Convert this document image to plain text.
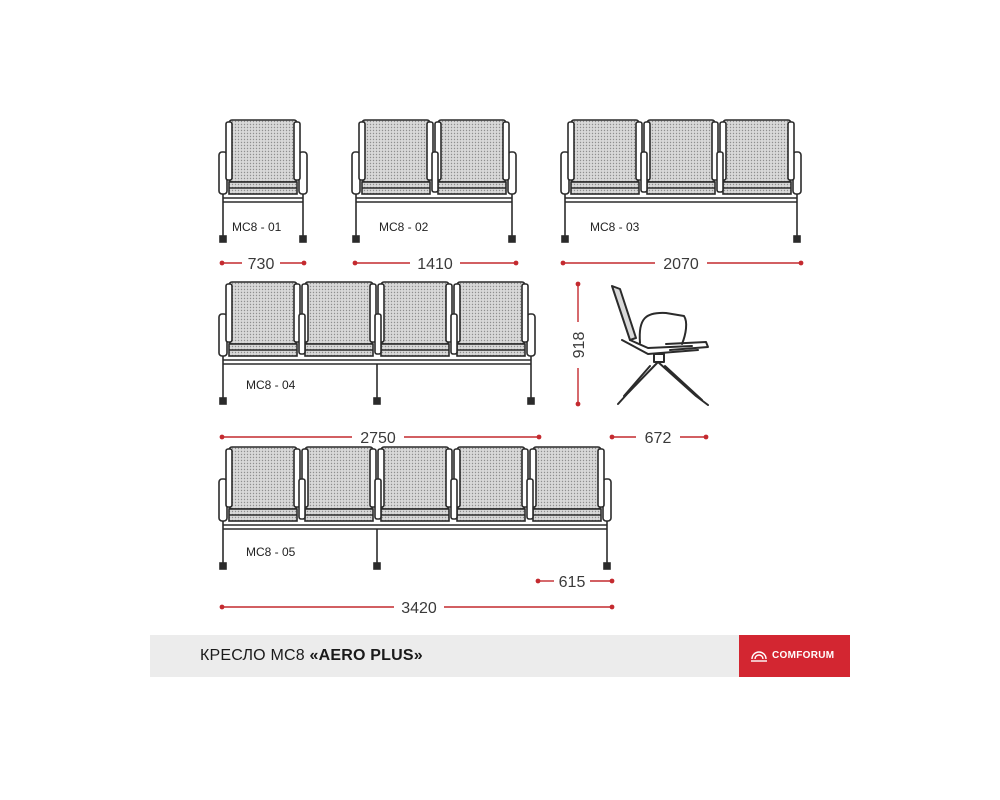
MC8 - 01	MC8 - 02	MC8 - 03
MC8 - 04
MC8 - 05
730	1410	2070
2750
3420
615
672
918
КРЕСЛО МС8 «AERO PLUS»	COMFORUM
